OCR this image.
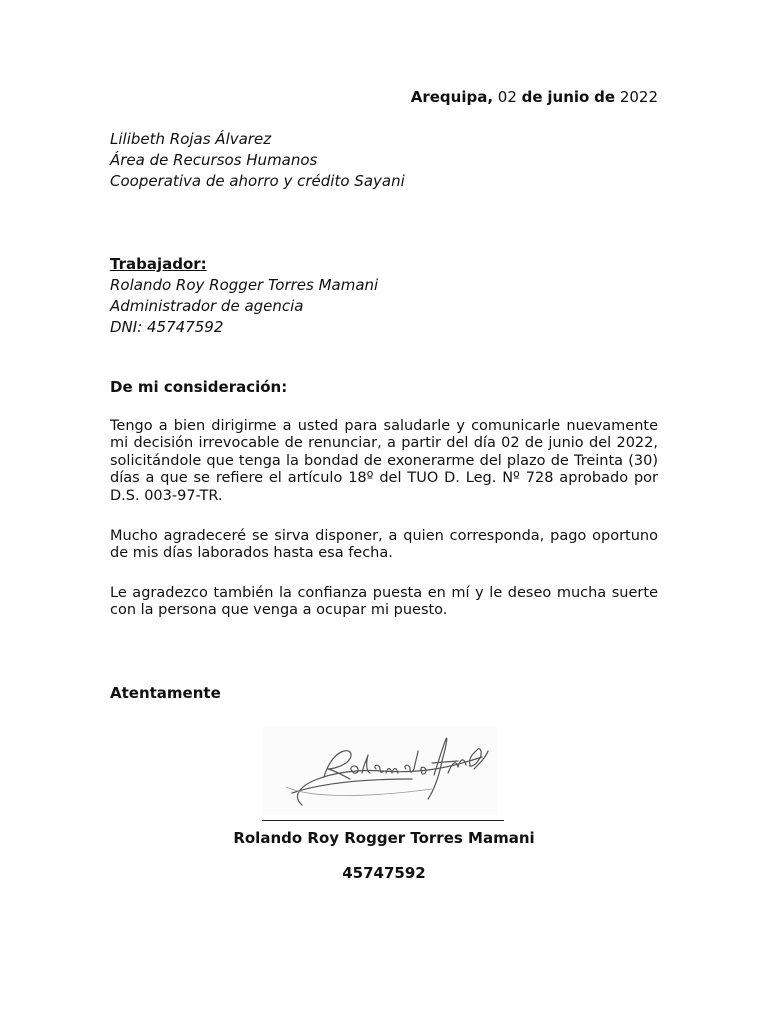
Arequipa, 02 de junio de 2022
Lilibeth Rojas Álvarez
Área de Recursos Humanos
Cooperativa de ahorro y crédito Sayani
Trabajador:
Rolando Roy Rogger Torres Mamani
Administrador de agencia
DNI: 45747592
De mi consideración:
Tengo a bien dirigirme a usted para saludarle y comunicarle nuevamente mi decisión irrevocable de renunciar, a partir del día 02 de junio del 2022, solicitándole que tenga la bondad de exonerarme del plazo de Treinta (30) días a que se refiere el artículo 18º del TUO D. Leg. Nº 728 aprobado por D.S. 003-97-TR.
Mucho agradeceré se sirva disponer, a quien corresponda, pago oportuno de mis días laborados hasta esa fecha.
Le agradezco también la confianza puesta en mí y le deseo mucha suerte con la persona que venga a ocupar mi puesto.
Atentamente
Rolando Roy Rogger Torres Mamani
45747592
